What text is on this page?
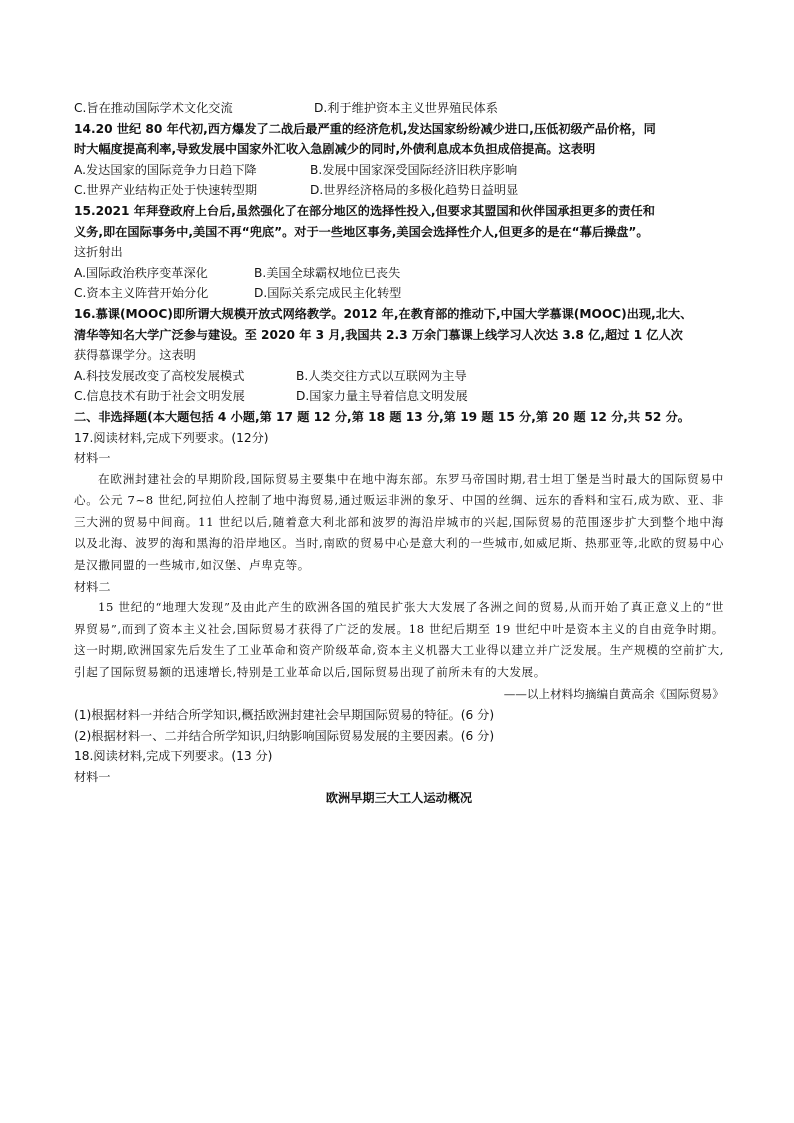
C.旨在推动国际学术文化交流	D.利于维护资本主义世界殖民体系
14.20 世纪 80 年代初,西方爆发了二战后最严重的经济危机,发达国家纷纷减少进口,压低初级产品价格，同
时大幅度提高利率,导致发展中国家外汇收入急剧减少的同时,外债利息成本负担成倍提高。这表明
A.发达国家的国际竞争力日趋下降	B.发展中国家深受国际经济旧秩序影响
C.世界产业结构正处于快速转型期	D.世界经济格局的多极化趋势日益明显
15.2021 年拜登政府上台后,虽然强化了在部分地区的选择性投入,但要求其盟国和伙伴国承担更多的责任和
义务,即在国际事务中,美国不再“兜底”。对于一些地区事务,美国会选择性介人,但更多的是在“幕后操盘”。
这折射出
A.国际政治秩序变革深化	B.美国全球霸权地位已丧失
C.资本主义阵营开始分化	D.国际关系完成民主化转型
16.慕课(MOOC)即所谓大规模开放式网络教学。2012 年,在教育部的推动下,中国大学慕课(MOOC)出现,北大、
清华等知名大学广泛参与建设。至 2020 年 3 月,我国共 2.3 万余门慕课上线学习人次达 3.8 亿,超过 1 亿人次
获得慕课学分。这表明
A.科技发展改变了高校发展模式	B.人类交往方式以互联网为主导
C.信息技术有助于社会文明发展	D.国家力量主导着信息文明发展
二、非选择题(本大题包括 4 小题,第 17 题 12 分,第 18 题 13 分,第 19 题 15 分,第 20 题 12 分,共 52 分。
17.阅读材料,完成下列要求。(12分)
材料一
在欧洲封建社会的早期阶段,国际贸易主要集中在地中海东部。东罗马帝国时期,君士坦丁堡是当时最大的国际贸易中心。公元 7~8 世纪,阿拉伯人控制了地中海贸易,通过贩运非洲的象牙、中国的丝绸、远东的香料和宝石,成为欧、亚、非三大洲的贸易中间商。11 世纪以后,随着意大利北部和波罗的海沿岸城市的兴起,国际贸易的范围逐步扩大到整个地中海以及北海、波罗的海和黑海的沿岸地区。当时,南欧的贸易中心是意大利的一些城市,如威尼斯、热那亚等,北欧的贸易中心是汉撒同盟的一些城市,如汉堡、卢卑克等。
材料二
15 世纪的“地理大发现”及由此产生的欧洲各国的殖民扩张大大发展了各洲之间的贸易,从而开始了真正意义上的“世界贸易”,而到了资本主义社会,国际贸易才获得了广泛的发展。18 世纪后期至 19 世纪中叶是资本主义的自由竞争时期。这一时期,欧洲国家先后发生了工业革命和资产阶级革命,资本主义机器大工业得以建立并广泛发展。生产规模的空前扩大,引起了国际贸易额的迅速增长,特别是工业革命以后,国际贸易出现了前所未有的大发展。
——以上材料均摘编自黄高余《国际贸易》
(1)根据材料一并结合所学知识,概括欧洲封建社会早期国际贸易的特征。(6 分)
(2)根据材料一、二并结合所学知识,归纳影响国际贸易发展的主要因素。(6 分)
18.阅读材料,完成下列要求。(13 分)
材料一
欧洲早期三大工人运动概况
